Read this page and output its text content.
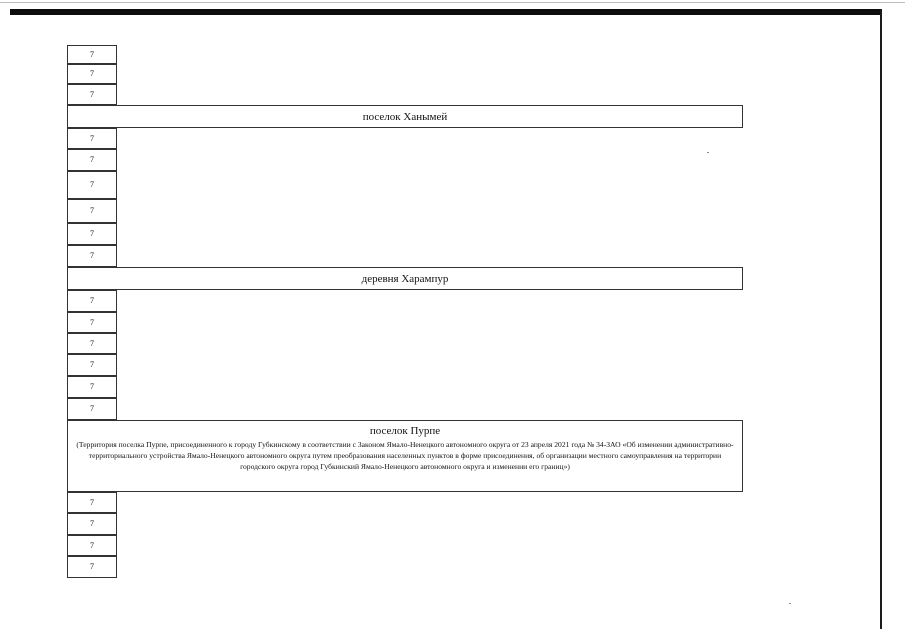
7
7
7
поселок Ханымей
7
7
7
7
7
7
деревня Харампур
7
7
7
7
7
7
поселок Пурпе
(Территория поселка Пурпе, присоединенного к городу Губкинскому в соответствии с Законом Ямало-Ненецкого автономного округа от 23 апреля 2021 года № 34-ЗАО «Об изменении административно-территориального устройства Ямало-Ненецкого автономного округа путем преобразования населенных пунктов в форме присоединения, об организации местного самоуправления на территории городского округа город Губкинский Ямало-Ненецкого автономного округа и изменении его границ»)
7
7
7
7
